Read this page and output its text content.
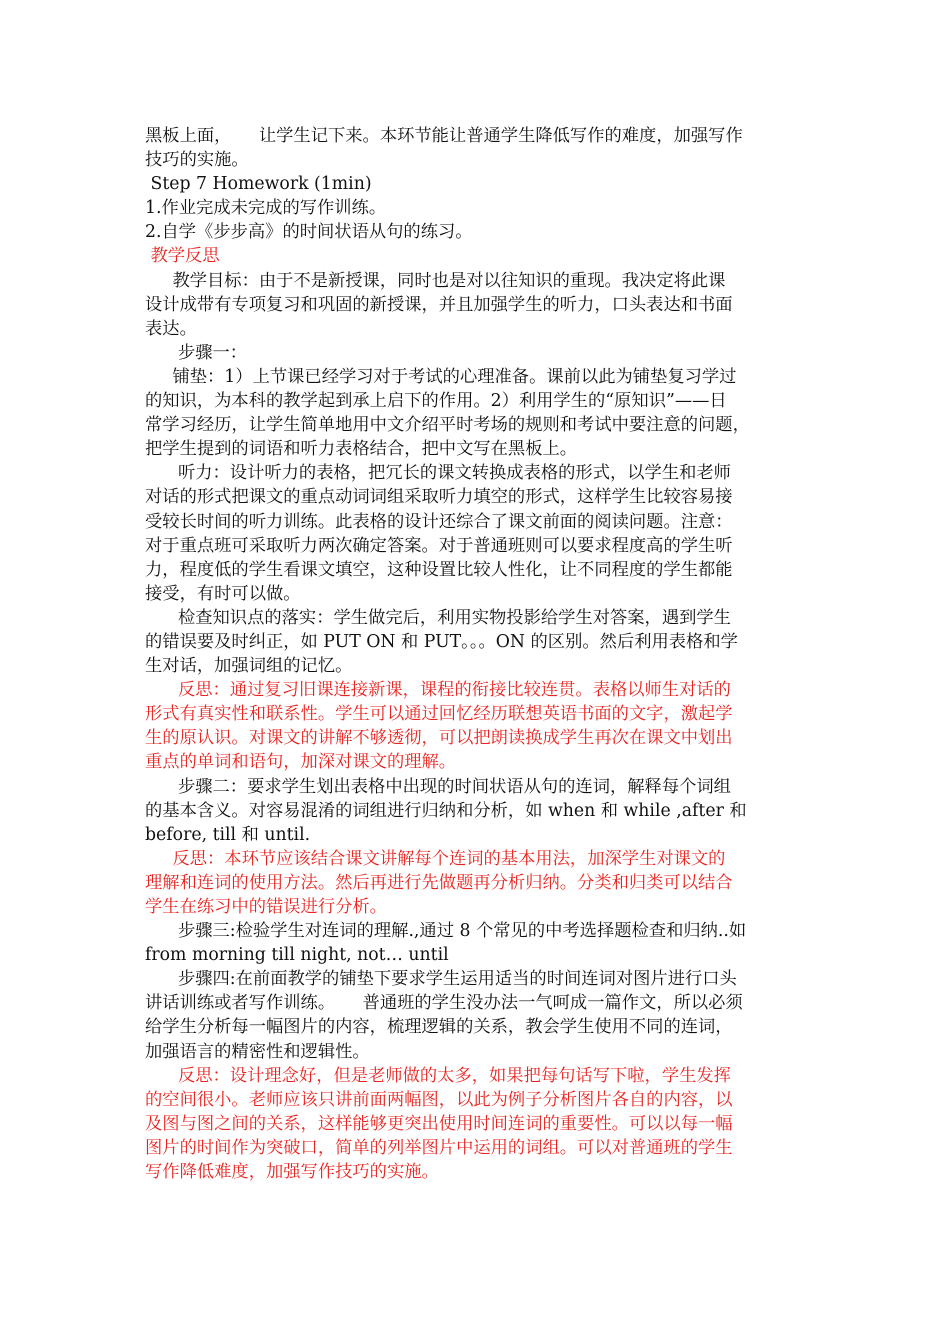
黑板上面，     让学生记下来。本环节能让普通学生降低写作的难度，加强写作

技巧的实施。

Step 7 Homework (1min)

1.作业完成未完成的写作训练。

2.自学《步步高》的时间状语从句的练习。

教学反思

教学目标：由于不是新授课，同时也是对以往知识的重现。我决定将此课

设计成带有专项复习和巩固的新授课，并且加强学生的听力，口头表达和书面

表达。

步骤一：

铺垫：1）上节课已经学习对于考试的心理准备。课前以此为铺垫复习学过

的知识，为本科的教学起到承上启下的作用。2）利用学生的“原知识”——日

常学习经历，让学生简单地用中文介绍平时考场的规则和考试中要注意的问题，

把学生提到的词语和听力表格结合，把中文写在黑板上。

听力：设计听力的表格，把冗长的课文转换成表格的形式，以学生和老师

对话的形式把课文的重点动词词组采取听力填空的形式，这样学生比较容易接

受较长时间的听力训练。此表格的设计还综合了课文前面的阅读问题。注意：

对于重点班可采取听力两次确定答案。对于普通班则可以要求程度高的学生听

力，程度低的学生看课文填空，这种设置比较人性化，让不同程度的学生都能

接受，有时可以做。

检查知识点的落实：学生做完后，利用实物投影给学生对答案，遇到学生

的错误要及时纠正，如 PUT ON 和 PUT。。。ON 的区别。然后利用表格和学

生对话，加强词组的记忆。

反思：通过复习旧课连接新课，课程的衔接比较连贯。表格以师生对话的

形式有真实性和联系性。学生可以通过回忆经历联想英语书面的文字，激起学

生的原认识。对课文的讲解不够透彻，可以把朗读换成学生再次在课文中划出

重点的单词和语句，加深对课文的理解。

步骤二：要求学生划出表格中出现的时间状语从句的连词，解释每个词组

的基本含义。对容易混淆的词组进行归纳和分析，如 when 和 while ,after 和

before, till 和 until.

反思：本环节应该结合课文讲解每个连词的基本用法，加深学生对课文的

理解和连词的使用方法。然后再进行先做题再分析归纳。分类和归类可以结合

学生在练习中的错误进行分析。

步骤三:检验学生对连词的理解.,通过 8 个常见的中考选择题检查和归纳..如

from morning till night, not… until

步骤四:在前面教学的铺垫下要求学生运用适当的时间连词对图片进行口头

讲话训练或者写作训练。     普通班的学生没办法一气呵成一篇作文，所以必须

给学生分析每一幅图片的内容，梳理逻辑的关系，教会学生使用不同的连词，

加强语言的精密性和逻辑性。

反思：设计理念好，但是老师做的太多，如果把每句话写下啦，学生发挥

的空间很小。老师应该只讲前面两幅图，以此为例子分析图片各自的内容，以

及图与图之间的关系，这样能够更突出使用时间连词的重要性。可以以每一幅

图片的时间作为突破口，简单的列举图片中运用的词组。可以对普通班的学生

写作降低难度，加强写作技巧的实施。
